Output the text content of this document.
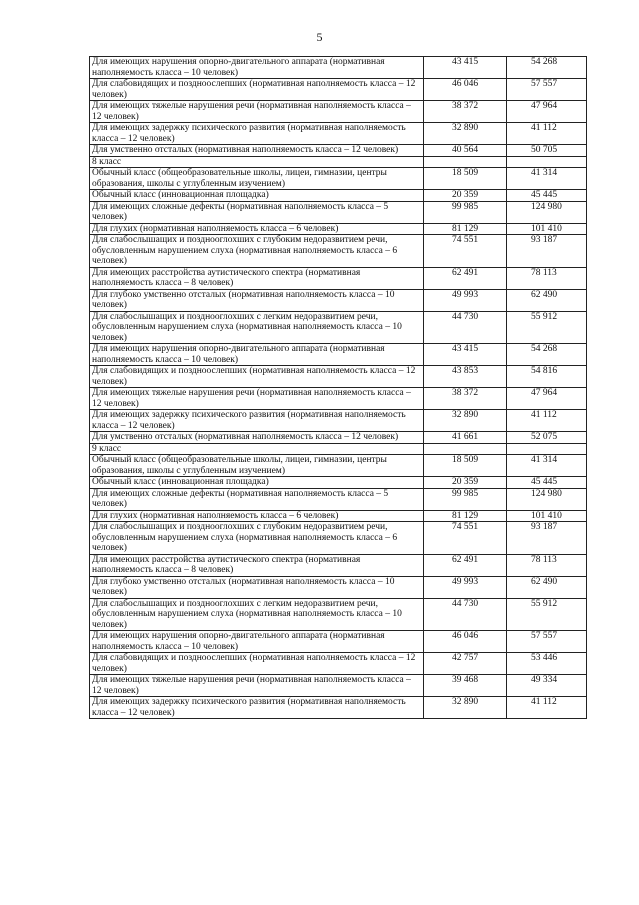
5
Для имеющих нарушения опорно-двигательного аппарата (нормативная наполняемость класса – 10 человек)	43 415	54 268
Для слабовидящих и поздноослепших (нормативная наполняемость класса – 12 человек)	46 046	57 557
Для имеющих тяжелые нарушения речи (нормативная наполняемость класса – 12 человек)	38 372	47 964
Для имеющих задержку психического развития (нормативная наполняемость класса – 12 человек)	32 890	41 112
Для умственно отсталых (нормативная наполняемость класса – 12 человек)	40 564	50 705
8 класс		
Обычный класс (общеобразовательные школы, лицеи, гимназии, центры образования, школы с углубленным изучением)	18 509	41 314
Обычный класс (инновационная площадка)	20 359	45 445
Для имеющих сложные дефекты (нормативная наполняемость класса – 5 человек)	99 985	124 980
Для глухих (нормативная наполняемость класса – 6 человек)	81 129	101 410
Для слабослышащих и позднооглохших с глубоким недоразвитием речи, обусловленным нарушением слуха (нормативная наполняемость класса – 6 человек)	74 551	93 187
Для имеющих расстройства аутистического спектра (нормативная наполняемость класса – 8 человек)	62 491	78 113
Для глубоко умственно отсталых (нормативная наполняемость класса – 10 человек)	49 993	62 490
Для слабослышащих и позднооглохших с легким недоразвитием речи, обусловленным нарушением слуха (нормативная наполняемость класса – 10 человек)	44 730	55 912
Для имеющих нарушения опорно-двигательного аппарата (нормативная наполняемость класса – 10 человек)	43 415	54 268
Для слабовидящих и поздноослепших (нормативная наполняемость класса – 12 человек)	43 853	54 816
Для имеющих тяжелые нарушения речи (нормативная наполняемость класса – 12 человек)	38 372	47 964
Для имеющих задержку психического развития (нормативная наполняемость класса – 12 человек)	32 890	41 112
Для умственно отсталых (нормативная наполняемость класса – 12 человек)	41 661	52 075
9 класс		
Обычный класс (общеобразовательные школы, лицеи, гимназии, центры образования, школы с углубленным изучением)	18 509	41 314
Обычный класс (инновационная площадка)	20 359	45 445
Для имеющих сложные дефекты (нормативная наполняемость класса – 5 человек)	99 985	124 980
Для глухих (нормативная наполняемость класса – 6 человек)	81 129	101 410
Для слабослышащих и позднооглохших с глубоким недоразвитием речи, обусловленным нарушением слуха (нормативная наполняемость класса – 6 человек)	74 551	93 187
Для имеющих расстройства аутистического спектра (нормативная наполняемость класса – 8 человек)	62 491	78 113
Для глубоко умственно отсталых (нормативная наполняемость класса – 10 человек)	49 993	62 490
Для слабослышащих и позднооглохших с легким недоразвитием речи, обусловленным нарушением слуха (нормативная наполняемость класса – 10 человек)	44 730	55 912
Для имеющих нарушения опорно-двигательного аппарата (нормативная наполняемость класса – 10 человек)	46 046	57 557
Для слабовидящих и поздноослепших (нормативная наполняемость класса – 12 человек)	42 757	53 446
Для имеющих тяжелые нарушения речи (нормативная наполняемость класса – 12 человек)	39 468	49 334
Для имеющих задержку психического развития (нормативная наполняемость класса – 12 человек)	32 890	41 112
